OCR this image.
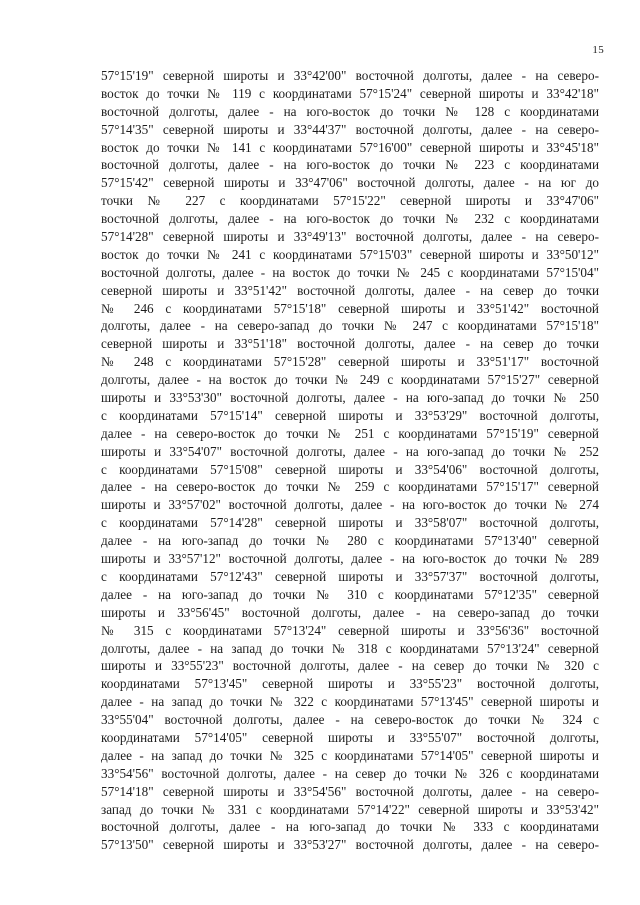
15
57°15'19" северной широты и 33°42'00" восточной долготы, далее - на северо-
восток до точки № 119 с координатами 57°15'24" северной широты и 33°42'18"
восточной долготы, далее - на юго-восток до точки № 128 с координатами
57°14'35" северной широты и 33°44'37" восточной долготы, далее - на северо-
восток до точки № 141 с координатами 57°16'00" северной широты и 33°45'18"
восточной долготы, далее - на юго-восток до точки № 223 с координатами
57°15'42" северной широты и 33°47'06" восточной долготы, далее - на юг до
точки № 227 с координатами 57°15'22" северной широты и 33°47'06"
восточной долготы, далее - на юго-восток до точки № 232 с координатами
57°14'28" северной широты и 33°49'13" восточной долготы, далее - на северо-
восток до точки № 241 с координатами 57°15'03" северной широты и 33°50'12"
восточной долготы, далее - на восток до точки № 245 с координатами 57°15'04"
северной широты и 33°51'42" восточной долготы, далее - на север до точки
№ 246 с координатами 57°15'18" северной широты и 33°51'42" восточной
долготы, далее - на северо-запад до точки № 247 с координатами 57°15'18"
северной широты и 33°51'18" восточной долготы, далее - на север до точки
№ 248 с координатами 57°15'28" северной широты и 33°51'17" восточной
долготы, далее - на восток до точки № 249 с координатами 57°15'27" северной
широты и 33°53'30" восточной долготы, далее - на юго-запад до точки № 250
с координатами 57°15'14" северной широты и 33°53'29" восточной долготы,
далее - на северо-восток до точки № 251 с координатами 57°15'19" северной
широты и 33°54'07" восточной долготы, далее - на юго-запад до точки № 252
с координатами 57°15'08" северной широты и 33°54'06" восточной долготы,
далее - на северо-восток до точки № 259 с координатами 57°15'17" северной
широты и 33°57'02" восточной долготы, далее - на юго-восток до точки № 274
с координатами 57°14'28" северной широты и 33°58'07" восточной долготы,
далее - на юго-запад до точки № 280 с координатами 57°13'40" северной
широты и 33°57'12" восточной долготы, далее - на юго-восток до точки № 289
с координатами 57°12'43" северной широты и 33°57'37" восточной долготы,
далее - на юго-запад до точки № 310 с координатами 57°12'35" северной
широты и 33°56'45" восточной долготы, далее - на северо-запад до точки
№ 315 с координатами 57°13'24" северной широты и 33°56'36" восточной
долготы, далее - на запад до точки № 318 с координатами 57°13'24" северной
широты и 33°55'23" восточной долготы, далее - на север до точки № 320 с
координатами 57°13'45" северной широты и 33°55'23" восточной долготы,
далее - на запад до точки № 322 с координатами 57°13'45" северной широты и
33°55'04" восточной долготы, далее - на северо-восток до точки № 324 с
координатами 57°14'05" северной широты и 33°55'07" восточной долготы,
далее - на запад до точки № 325 с координатами 57°14'05" северной широты и
33°54'56" восточной долготы, далее - на север до точки № 326 с координатами
57°14'18" северной широты и 33°54'56" восточной долготы, далее - на северо-
запад до точки № 331 с координатами 57°14'22" северной широты и 33°53'42"
восточной долготы, далее - на юго-запад до точки № 333 с координатами
57°13'50" северной широты и 33°53'27" восточной долготы, далее - на северо-
